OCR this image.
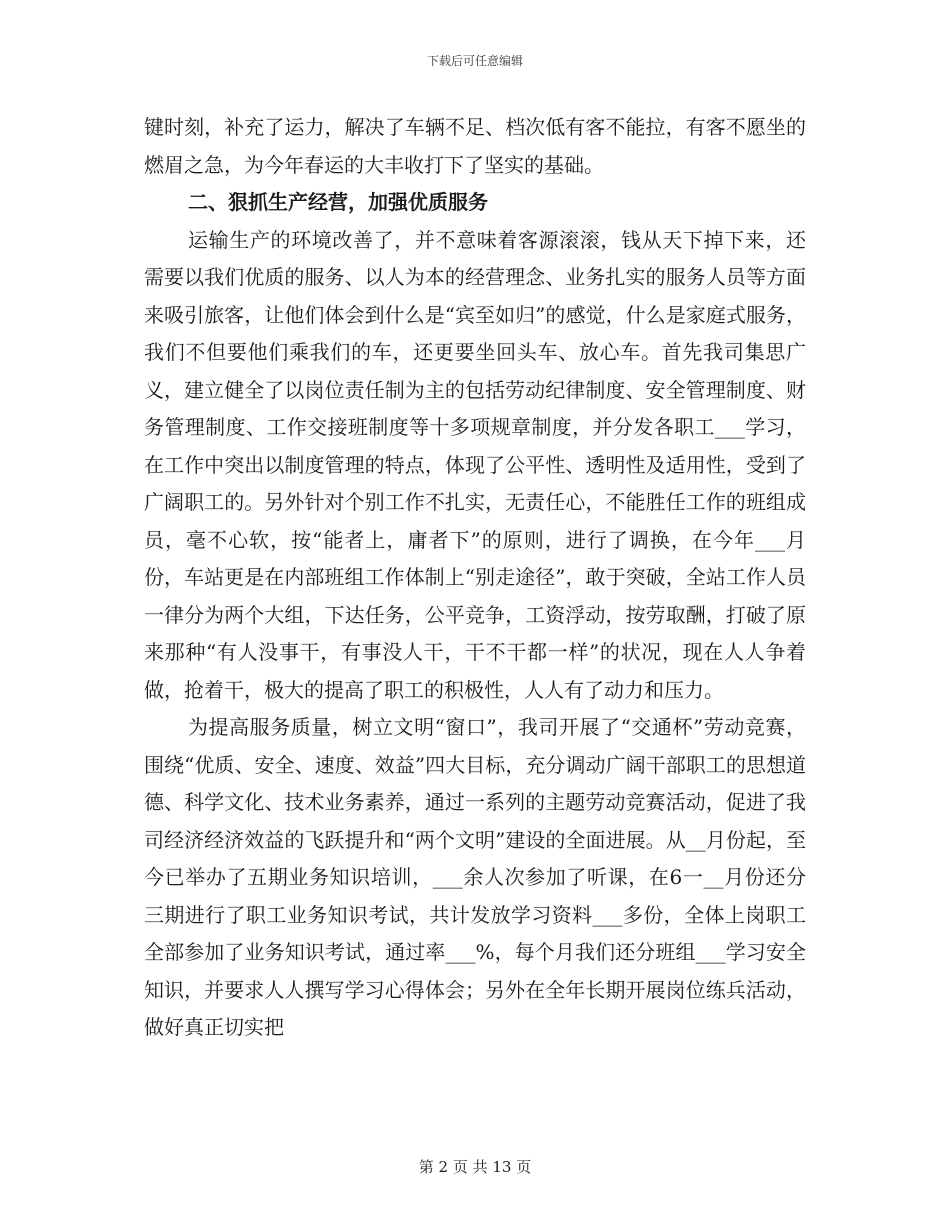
下载后可任意编辑

键时刻，补充了运力，解决了车辆不足、档次低有客不能拉，有客不愿坐的燃眉之急，为今年春运的大丰收打下了坚实的基础。

二、狠抓生产经营，加强优质服务

运输生产的环境改善了，并不意味着客源滚滚，钱从天下掉下来，还需要以我们优质的服务、以人为本的经营理念、业务扎实的服务人员等方面来吸引旅客，让他们体会到什么是“宾至如归”的感觉，什么是家庭式服务，我们不但要他们乘我们的车，还更要坐回头车、放心车。首先我司集思广义，建立健全了以岗位责任制为主的包括劳动纪律制度、安全管理制度、财务管理制度、工作交接班制度等十多项规章制度，并分发各职工___学习，在工作中突出以制度管理的特点，体现了公平性、透明性及适用性，受到了广阔职工的。另外针对个别工作不扎实，无责任心，不能胜任工作的班组成员，毫不心软，按“能者上，庸者下”的原则，进行了调换，在今年___月份，车站更是在内部班组工作体制上“别走途径”，敢于突破，全站工作人员一律分为两个大组，下达任务，公平竞争，工资浮动，按劳取酬，打破了原来那种“有人没事干，有事没人干，干不干都一样”的状况，现在人人争着做，抢着干，极大的提高了职工的积极性，人人有了动力和压力。

为提高服务质量，树立文明“窗口”，我司开展了“交通杯”劳动竞赛，围绕“优质、安全、速度、效益”四大目标，充分调动广阔干部职工的思想道德、科学文化、技术业务素养，通过一系列的主题劳动竞赛活动，促进了我司经济经济效益的飞跃提升和“两个文明”建设的全面进展。从__月份起，至今已举办了五期业务知识培训，___余人次参加了听课，在6一__月份还分三期进行了职工业务知识考试，共计发放学习资料___多份，全体上岗职工全部参加了业务知识考试，通过率___%，每个月我们还分班组___学习安全知识，并要求人人撰写学习心得体会；另外在全年长期开展岗位练兵活动，做好真正切实把

第 2 页 共 13 页
